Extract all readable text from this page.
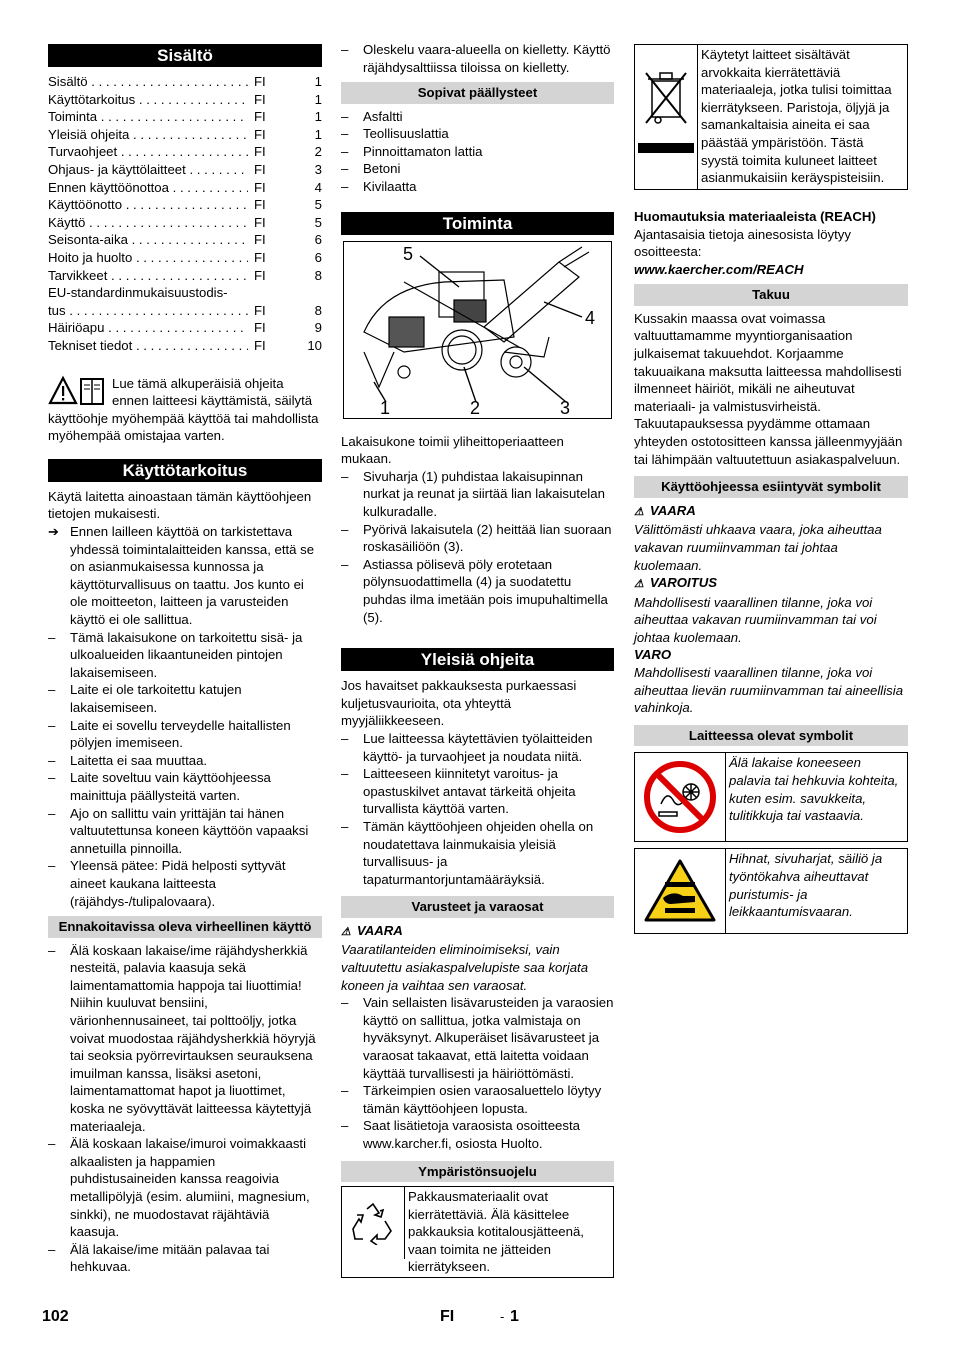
Sisältö
Sisältö . . .	FI	1
Käyttötarkoitus . . .	FI	1
Toiminta . . .	FI	1
Yleisiä ohjeita . . .	FI	1
Turvaohjeet . . .	FI	2
Ohjaus- ja käyttölaitteet . . .	FI	3
Ennen käyttöönottoa . . .	FI	4
Käyttöönotto . . .	FI	5
Käyttö . . .	FI	5
Seisonta-aika . . .	FI	6
Hoito ja huolto . . .	FI	6
Tarvikkeet . . .	FI	8
EU-standardinmukaisuustodis-
tus . . .	FI	8
Häiriöapu . . .	FI	9
Tekniset tiedot . . .	FI	10

Lue tämä alkuperäisiä ohjeita ennen laitteesi käyttämistä, säilytä käyttöohje myöhempää käyttöä tai mahdollista myöhempää omistajaa varten.

Käyttötarkoitus

Käytä laitetta ainoastaan tämän käyttöohjeen tietojen mukaisesti.

➔ Ennen lailleen käyttöä on tarkistettava yhdessä toimintalaitteiden kanssa, että se on asianmukaisessa kunnossa ja käyttöturvallisuus on taattu. Jos kunto ei ole moitteeton, laitteen ja varusteiden käyttö ei ole sallittua.
– Tämä lakaisukone on tarkoitettu sisä- ja ulkoalueiden likaantuneiden pintojen lakaisemiseen.
– Laite ei ole tarkoitettu katujen lakaisemiseen.
– Laite ei sovellu terveydelle haitallisten pölyjen imemiseen.
– Laitetta ei saa muuttaa.
– Laite soveltuu vain käyttöohjeessa mainittuja päällysteitä varten.
– Ajo on sallittu vain yrittäjän tai hänen valtuutettunsa koneen käyttöön vapaaksi annetuilla pinnoilla.
– Yleensä pätee: Pidä helposti syttyvät aineet kaukana laitteesta (räjähdys-/tulipalovaara).
Ennakoitavissa oleva virheellinen käyttö
– Älä koskaan lakaise/ime räjähdysherkkiä nesteitä, palavia kaasuja sekä laimentamattomia happoja tai liuottimia! Niihin kuuluvat bensiini, värionhennusaineet, tai polttoöljy, jotka voivat muodostaa räjähdysherkkiä höyryjä tai seoksia pyörrevirtauksen seurauksena imuilman kanssa, lisäksi asetoni, laimentamattomat hapot ja liuottimet, koska ne syövyttävät laitteessa käytettyjä materiaaleja.
– Älä koskaan lakaise/imuroi voimakkaasti alkaalisten ja happamien puhdistusaineiden kanssa reagoivia metallipölyjä (esim. alumiini, magnesium, sinkki), ne muodostavat räjähtäviä kaasuja.
– Älä lakaise/ime mitään palavaa tai hehkuvaa.
– Oleskelu vaara-alueella on kielletty. Käyttö räjähdysalttiissa tiloissa on kielletty.
Sopivat päällysteet
– Asfaltti
– Teollisuuslattia
– Pinnoittamaton lattia
– Betoni
– Kivilaatta
Toiminta
5
4
1	2	3

Lakaisukone toimii yliheittoperiaatteen mukaan.

– Sivuharja (1) puhdistaa lakaisupinnan nurkat ja reunat ja siirtää lian lakaisutelan kulkuradalle.
– Pyörivä lakaisutela (2) heittää lian suoraan roskasäiliöön (3).
– Astiassa pölisevä pöly erotetaan pölynsuodattimella (4) ja suodatettu puhdas ilma imetään pois imupuhaltimella (5).
Yleisiä ohjeita

Jos havaitset pakkauksesta purkaessasi kuljetusvaurioita, ota yhteyttä myyjäliikkeeseen.

– Lue laitteessa käytettävien työlaitteiden käyttö- ja turvaohjeet ja noudata niitä.
– Laitteeseen kiinnitetyt varoitus- ja opastuskilvet antavat tärkeitä ohjeita turvallista käyttöä varten.
– Tämän käyttöohjeen ohjeiden ohella on noudatettava lainmukaisia yleisiä turvallisuus- ja tapaturmantorjuntamääräyksiä.
Varusteet ja varaosat

⚠ VAARA

Vaaratilanteiden eliminoimiseksi, vain valtuutettu asiakaspalvelupiste saa korjata koneen ja vaihtaa sen varaosat.

– Vain sellaisten lisävarusteiden ja varaosien käyttö on sallittua, jotka valmistaja on hyväksynyt. Alkuperäiset lisävarusteet ja varaosat takaavat, että laitetta voidaan käyttää turvallisesti ja häiriöttömästi.
– Tärkeimpien osien varaosaluettelo löytyy tämän käyttöohjeen lopusta.
– Saat lisätietoja varaosista osoitteesta www.karcher.fi, osiosta Huolto.
Ympäristönsuojelu
Pakkausmateriaalit ovat kierrätettäviä. Älä käsittelee pakkauksia kotitalousjätteenä, vaan toimita ne jätteiden kierrätykseen.
Käytetyt laitteet sisältävät arvokkaita kierrätettäviä materiaaleja, jotka tulisi toimittaa kierrätykseen. Paristoja, öljyjä ja samankaltaisia aineita ei saa päästää ympäristöön. Tästä syystä toimita kuluneet laitteet asianmukaisiin keräyspisteisiin.

Huomautuksia materiaaleista (REACH)

Ajantasaisia tietoja ainesosista löytyy osoitteesta:

www.kaercher.com/REACH

Takuu

Kussakin maassa ovat voimassa valtuuttamamme myyntiorganisaation julkaisemat takuuehdot. Korjaamme takuuaikana maksutta laitteessa mahdollisesti ilmenneet häiriöt, mikäli ne aiheutuvat materiaali- ja valmistusvirheistä. Takuutapauksessa pyydämme ottamaan yhteyden ostotositteen kanssa jälleenmyyjään tai lähimpään valtuutettuun asiakaspalveluun.

Käyttöohjeessa esiintyvät symbolit

⚠ VAARA

Välittömästi uhkaava vaara, joka aiheuttaa vakavan ruumiinvamman tai johtaa kuolemaan.

⚠ VAROITUS

Mahdollisesti vaarallinen tilanne, joka voi aiheuttaa vakavan ruumiinvamman tai voi johtaa kuolemaan.

VARO

Mahdollisesti vaarallinen tilanne, joka voi aiheuttaa lievän ruumiinvamman tai aineellisia vahinkoja.

Laitteessa olevat symbolit
Älä lakaise koneeseen palavia tai hehkuvia kohteita, kuten esim. savukkeita, tulitikkuja tai vastaavia.
Hihnat, sivuharjat, säiliö ja työntökahva aiheuttavat puristumis- ja leikkaantumisvaaran.
102	FI	- 1
